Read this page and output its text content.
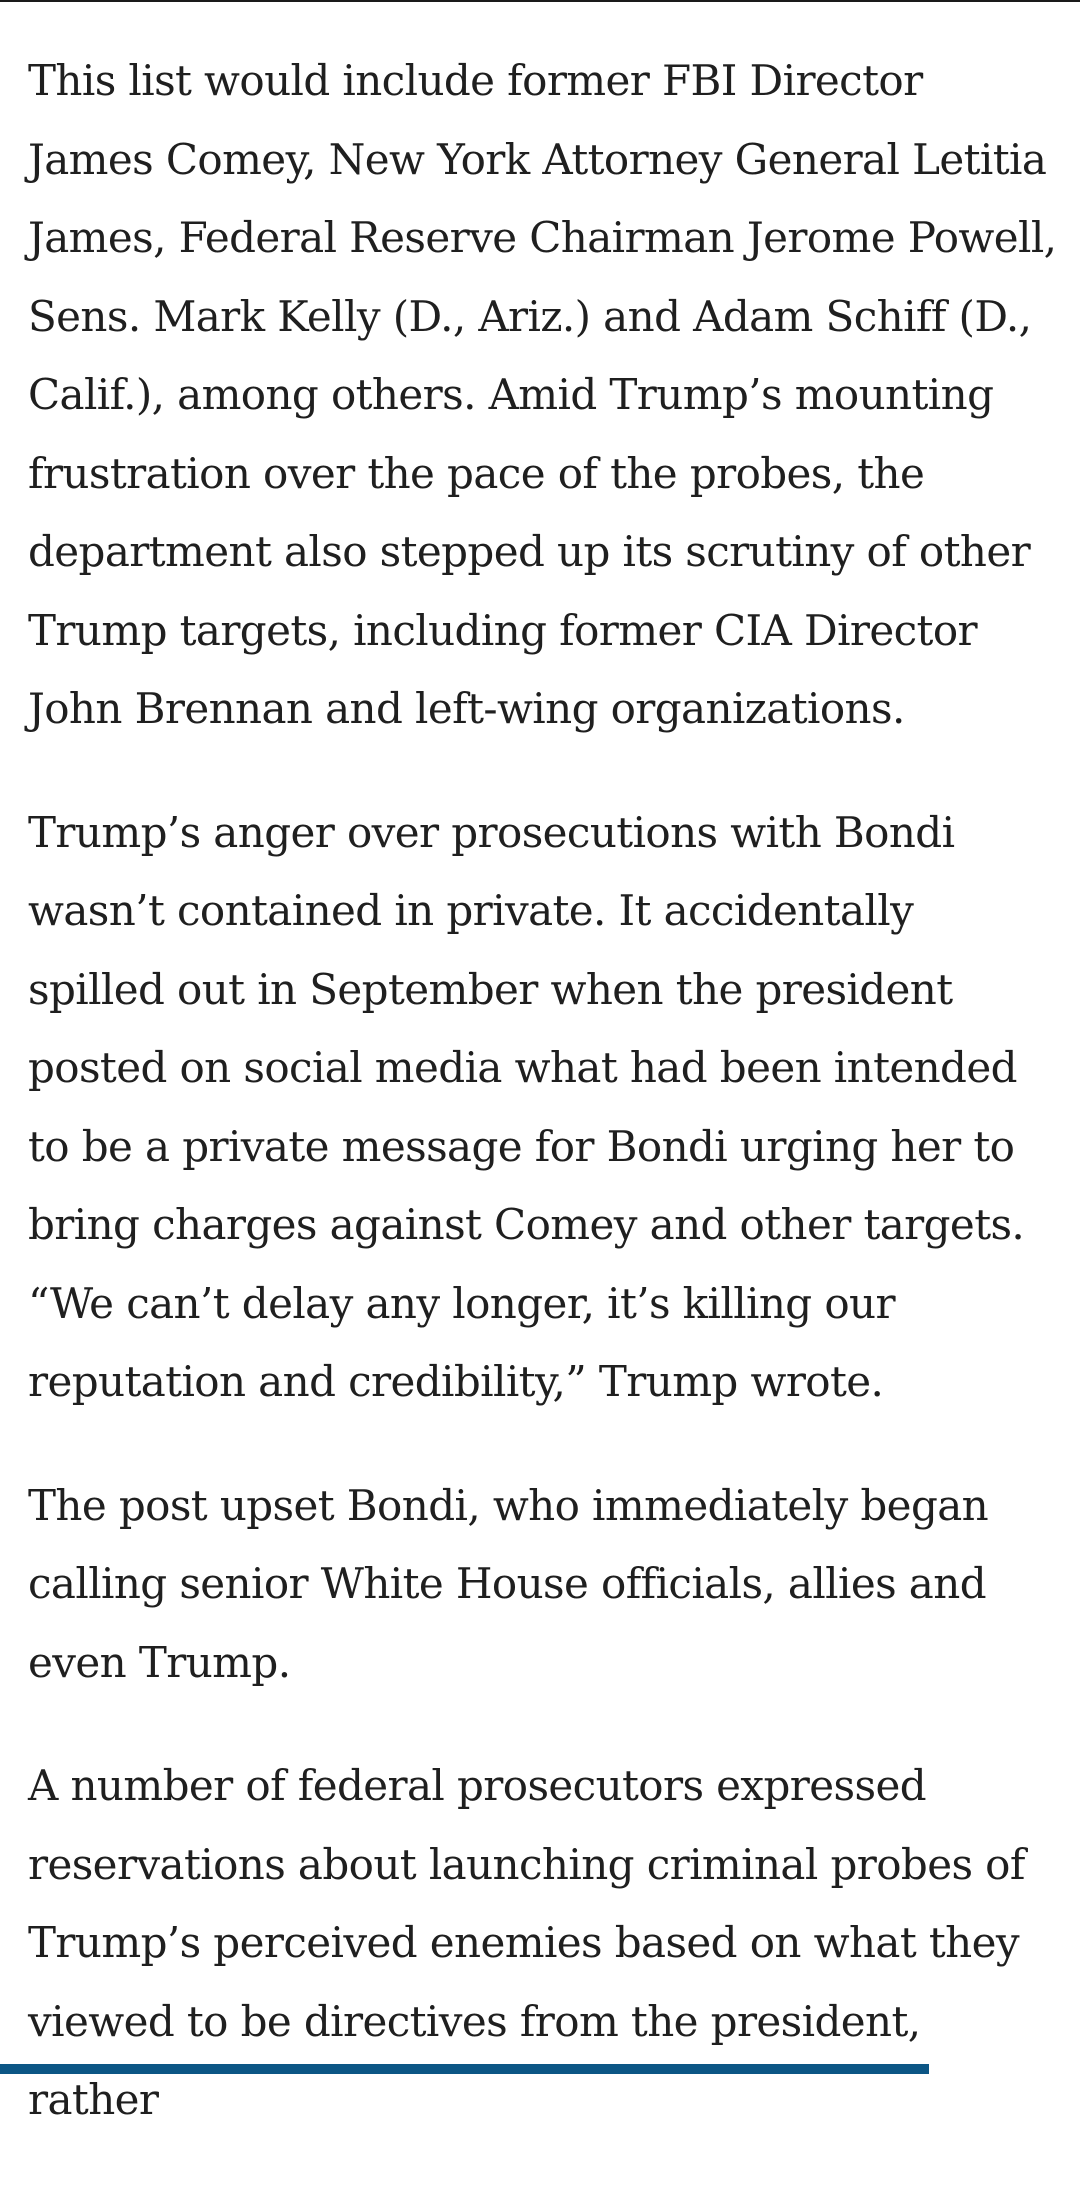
This list would include former FBI Director James Comey, New York Attorney General Letitia James, Federal Reserve Chairman Jerome Powell, Sens. Mark Kelly (D., Ariz.) and Adam Schiff (D., Calif.), among others. Amid Trump’s mounting frustration over the pace of the probes, the department also stepped up its scrutiny of other Trump targets, including former CIA Director John Brennan and left-wing organizations.

Trump’s anger over prosecutions with Bondi wasn’t contained in private. It accidentally spilled out in September when the president posted on social media what had been intended to be a private message for Bondi urging her to bring charges against Comey and other targets. “We can’t delay any longer, it’s killing our reputation and credibility,” Trump wrote.

The post upset Bondi, who immediately began calling senior White House officials, allies and even Trump.

A number of federal prosecutors expressed reservations about launching criminal probes of Trump’s perceived enemies based on what they viewed to be directives from the president, rather
